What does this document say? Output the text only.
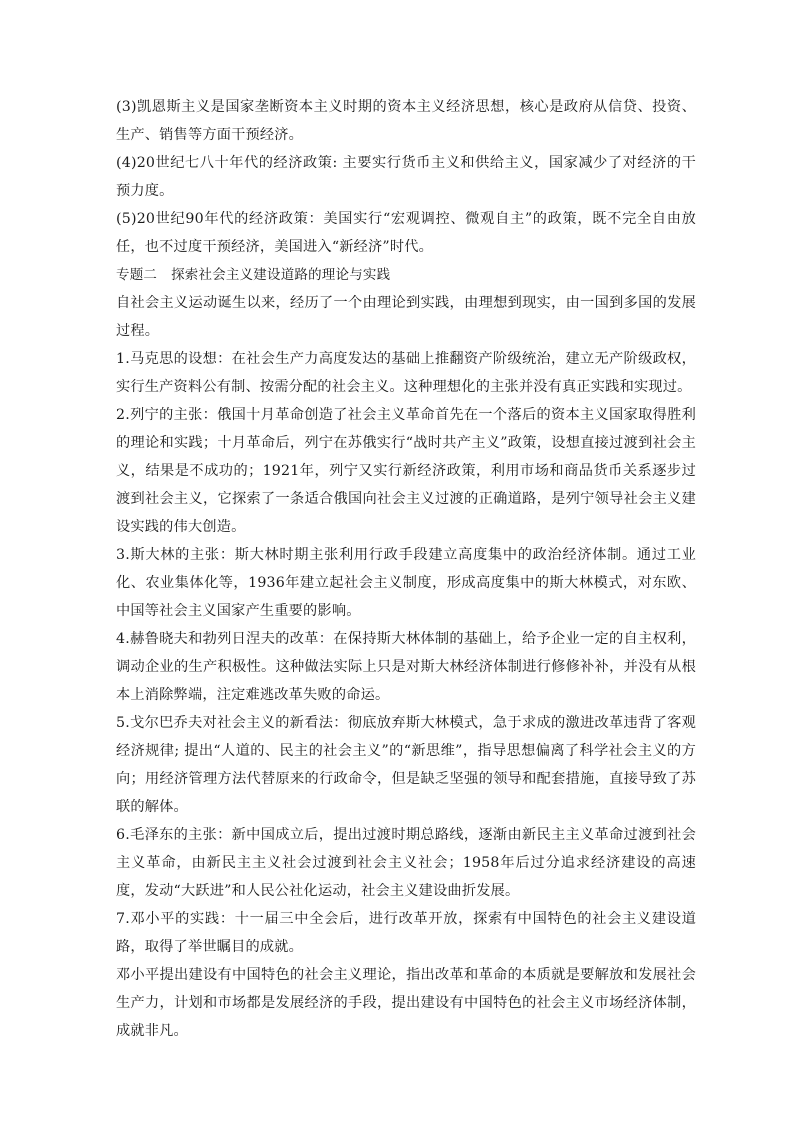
(3)凯恩斯主义是国家垄断资本主义时期的资本主义经济思想，核心是政府从信贷、投资、生产、销售等方面干预经济。

(4)20世纪七八十年代的经济政策: 主要实行货币主义和供给主义，国家减少了对经济的干预力度。

(5)20世纪90年代的经济政策：美国实行“宏观调控、微观自主”的政策，既不完全自由放任，也不过度干预经济，美国进入“新经济”时代。

专题二 探索社会主义建设道路的理论与实践

自社会主义运动诞生以来，经历了一个由理论到实践，由理想到现实，由一国到多国的发展过程。

1.马克思的设想：在社会生产力高度发达的基础上推翻资产阶级统治，建立无产阶级政权，实行生产资料公有制、按需分配的社会主义。这种理想化的主张并没有真正实践和实现过。

2.列宁的主张：俄国十月革命创造了社会主义革命首先在一个落后的资本主义国家取得胜利的理论和实践；十月革命后，列宁在苏俄实行“战时共产主义”政策，设想直接过渡到社会主义，结果是不成功的；1921年，列宁又实行新经济政策，利用市场和商品货币关系逐步过渡到社会主义，它探索了一条适合俄国向社会主义过渡的正确道路，是列宁领导社会主义建设实践的伟大创造。

3.斯大林的主张：斯大林时期主张利用行政手段建立高度集中的政治经济体制。通过工业化、农业集体化等，1936年建立起社会主义制度，形成高度集中的斯大林模式，对东欧、中国等社会主义国家产生重要的影响。

4.赫鲁晓夫和勃列日涅夫的改革：在保持斯大林体制的基础上，给予企业一定的自主权利，调动企业的生产积极性。这种做法实际上只是对斯大林经济体制进行修修补补，并没有从根本上消除弊端，注定难逃改革失败的命运。

5.戈尔巴乔夫对社会主义的新看法：彻底放弃斯大林模式，急于求成的激进改革违背了客观经济规律; 提出“人道的、民主的社会主义”的“新思维”，指导思想偏离了科学社会主义的方向；用经济管理方法代替原来的行政命令，但是缺乏坚强的领导和配套措施，直接导致了苏联的解体。

6.毛泽东的主张：新中国成立后，提出过渡时期总路线，逐渐由新民主主义革命过渡到社会主义革命，由新民主主义社会过渡到社会主义社会；1958年后过分追求经济建设的高速度，发动“大跃进”和人民公社化运动，社会主义建设曲折发展。

7.邓小平的实践：十一届三中全会后，进行改革开放，探索有中国特色的社会主义建设道路，取得了举世瞩目的成就。

邓小平提出建设有中国特色的社会主义理论，指出改革和革命的本质就是要解放和发展社会生产力，计划和市场都是发展经济的手段，提出建设有中国特色的社会主义市场经济体制，成就非凡。
